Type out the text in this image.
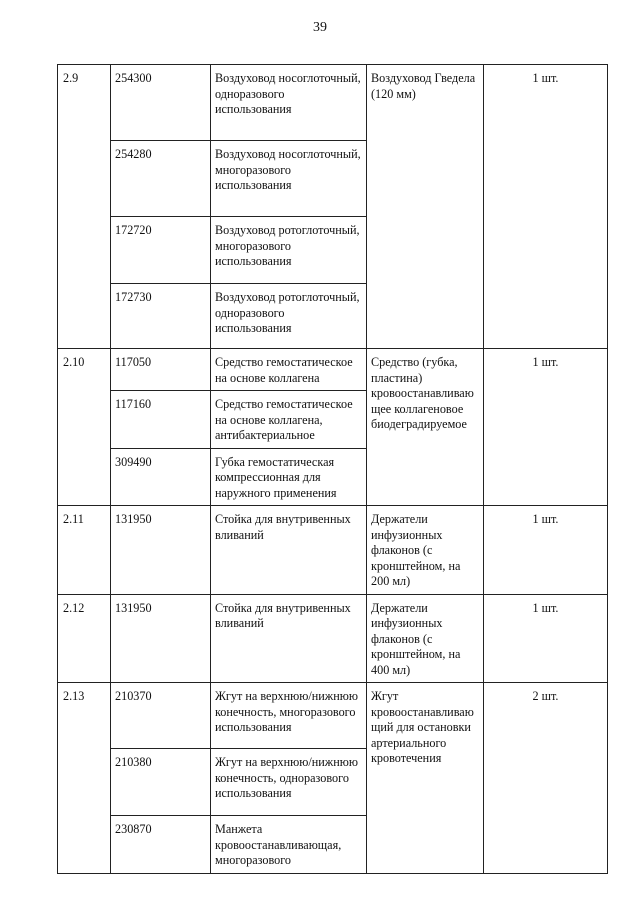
39
2.9	254300	Воздуховод носоглоточный, одноразового использования	Воздуховод Гведела (120 мм)	1 шт.
	254280	Воздуховод носоглоточный, многоразового использования		
	172720	Воздуховод ротоглоточный, многоразового использования		
	172730	Воздуховод ротоглоточный, одноразового использования		
2.10	117050	Средство гемостатическое на основе коллагена	Средство (губка, пластина) кровоостанавливаю щее коллагеновое биодеградируемое	1 шт.
	117160	Средство гемостатическое на основе коллагена, антибактериальное		
	309490	Губка гемостатическая компрессионная для наружного применения		
2.11	131950	Стойка для внутривенных вливаний	Держатели инфузионных флаконов (с кронштейном, на 200 мл)	1 шт.
2.12	131950	Стойка для внутривенных вливаний	Держатели инфузионных флаконов (с кронштейном, на 400 мл)	1 шт.
2.13	210370	Жгут на верхнюю/нижнюю конечность, многоразового использования	Жгут кровоостанавливаю щий для остановки артериального кровотечения	2 шт.
	210380	Жгут на верхнюю/нижнюю конечность, одноразового использования		
	230870	Манжета кровоостанавливающая, многоразового		
